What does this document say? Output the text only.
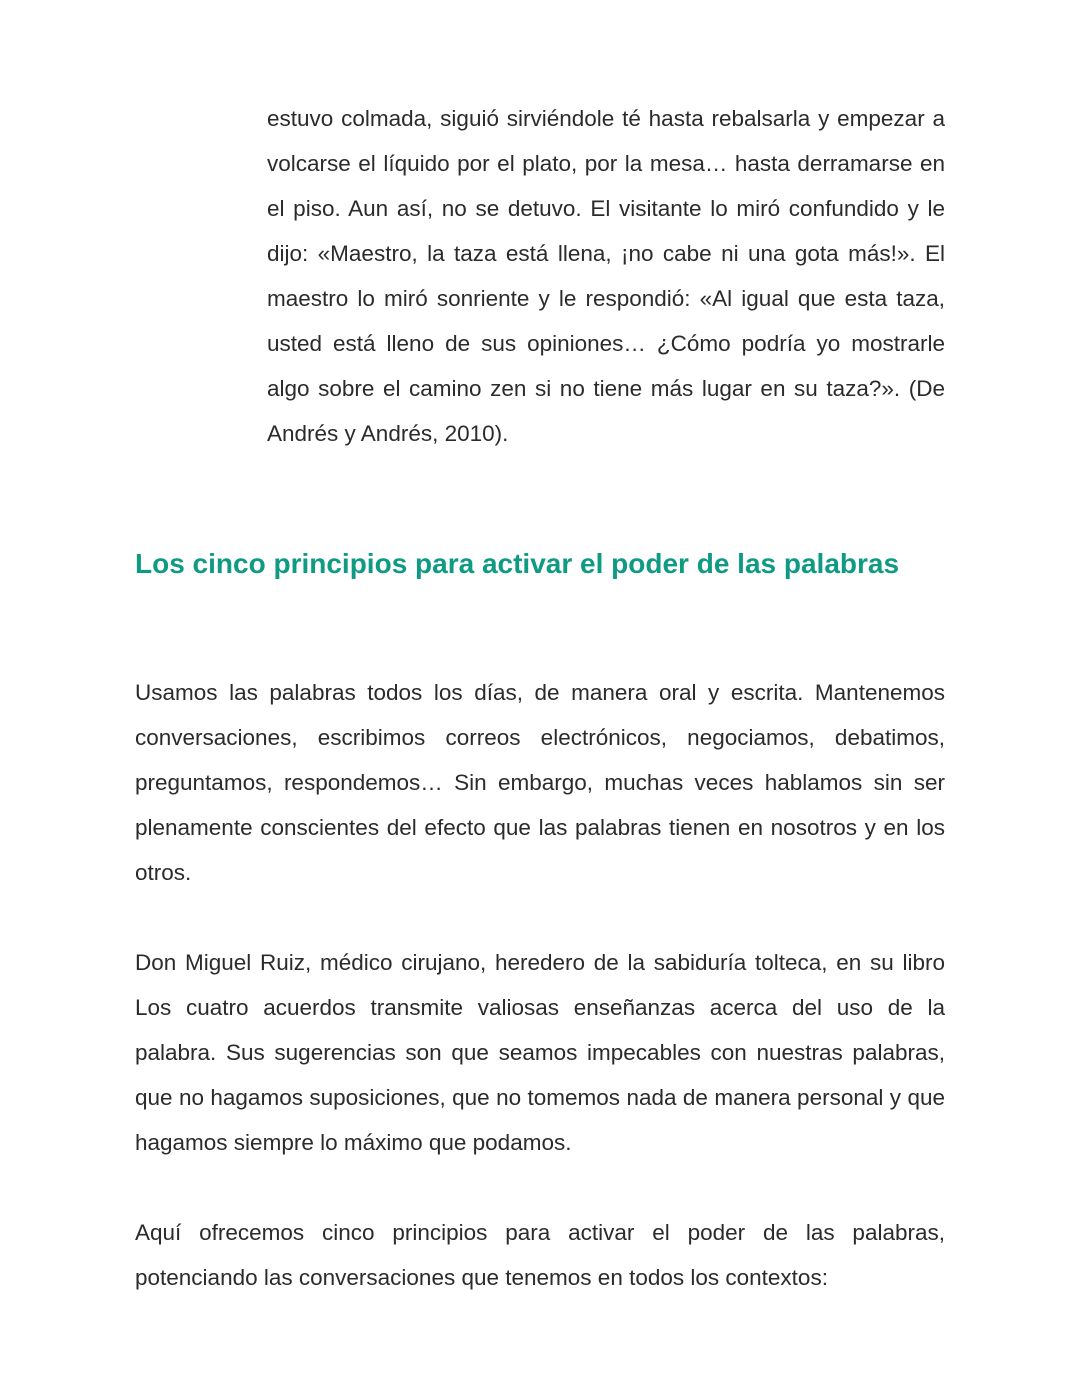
estuvo colmada, siguió sirviéndole té hasta rebalsarla y empezar a volcarse el líquido por el plato, por la mesa… hasta derramarse en el piso. Aun así, no se detuvo. El visitante lo miró confundido y le dijo: «Maestro, la taza está llena, ¡no cabe ni una gota más!». El maestro lo miró sonriente y le respondió: «Al igual que esta taza, usted está lleno de sus opiniones… ¿Cómo podría yo mostrarle algo sobre el camino zen si no tiene más lugar en su taza?». (De Andrés y Andrés, 2010).

Los cinco principios para activar el poder de las palabras

Usamos las palabras todos los días, de manera oral y escrita. Mantenemos conversaciones, escribimos correos electrónicos, negociamos, debatimos, preguntamos, respondemos… Sin embargo, muchas veces hablamos sin ser plenamente conscientes del efecto que las palabras tienen en nosotros y en los otros.

Don Miguel Ruiz, médico cirujano, heredero de la sabiduría tolteca, en su libro Los cuatro acuerdos transmite valiosas enseñanzas acerca del uso de la palabra. Sus sugerencias son que seamos impecables con nuestras palabras, que no hagamos suposiciones, que no tomemos nada de manera personal y que hagamos siempre lo máximo que podamos.

Aquí ofrecemos cinco principios para activar el poder de las palabras, potenciando las conversaciones que tenemos en todos los contextos:
